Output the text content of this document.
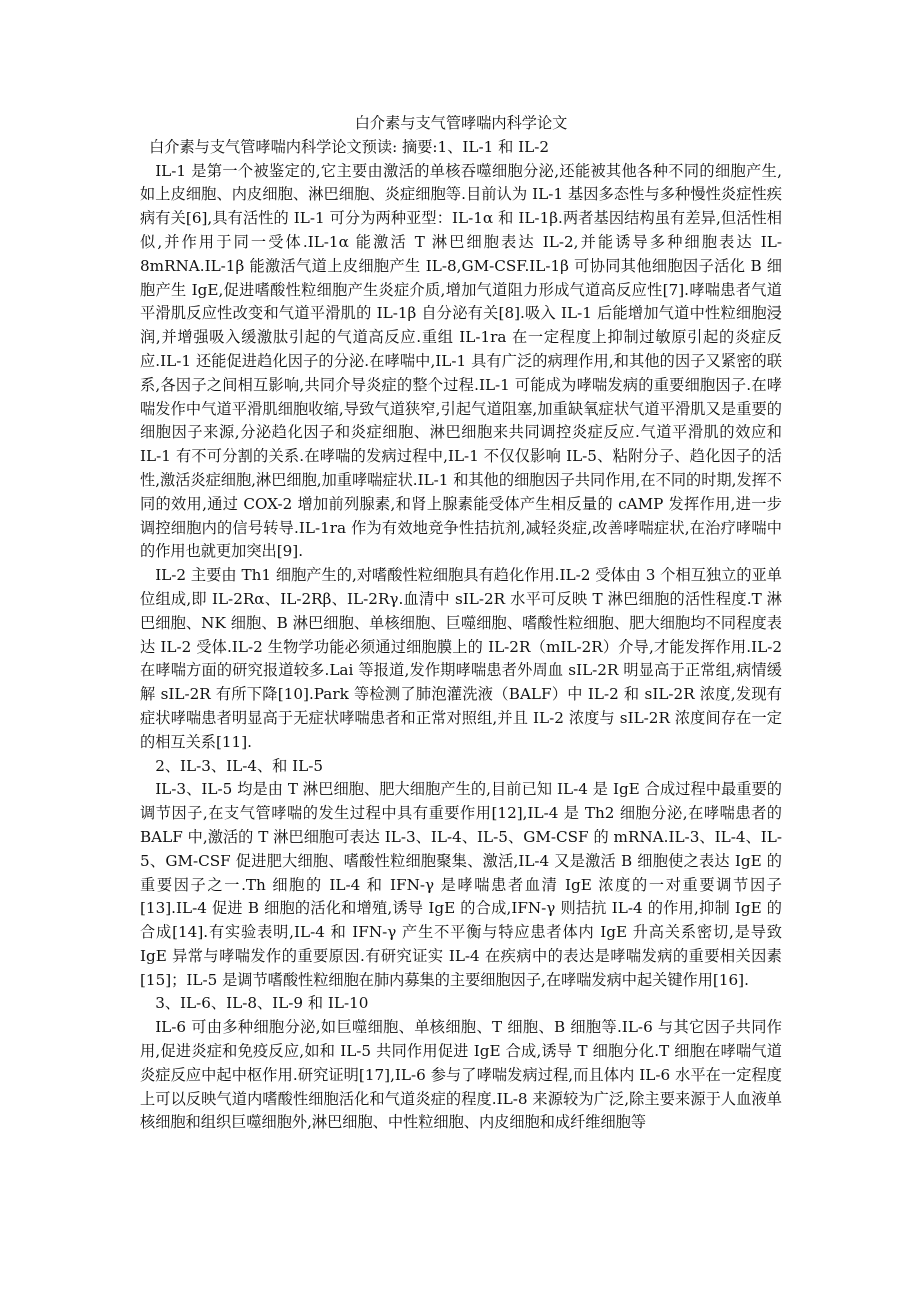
白介素与支气管哮喘内科学论文

白介素与支气管哮喘内科学论文预读: 摘要:1、IL-1 和 IL-2

IL-1 是第一个被鉴定的,它主要由激活的单核吞噬细胞分泌,还能被其他各种不同的细胞产生,如上皮细胞、内皮细胞、淋巴细胞、炎症细胞等.目前认为 IL-1 基因多态性与多种慢性炎症性疾病有关[6],具有活性的 IL-1 可分为两种亚型：IL-1α 和 IL-1β.两者基因结构虽有差异,但活性相似,并作用于同一受体.IL-1α 能激活 T 淋巴细胞表达 IL-2,并能诱导多种细胞表达 IL-8mRNA.IL-1β 能激活气道上皮细胞产生 IL-8,GM-CSF.IL-1β 可协同其他细胞因子活化 B 细胞产生 IgE,促进嗜酸性粒细胞产生炎症介质,增加气道阻力形成气道高反应性[7].哮喘患者气道平滑肌反应性改变和气道平滑肌的 IL-1β 自分泌有关[8].吸入 IL-1 后能增加气道中性粒细胞浸润,并增强吸入缓激肽引起的气道高反应.重组 IL-1ra 在一定程度上抑制过敏原引起的炎症反应.IL-1 还能促进趋化因子的分泌.在哮喘中,IL-1 具有广泛的病理作用,和其他的因子又紧密的联系,各因子之间相互影响,共同介导炎症的整个过程.IL-1 可能成为哮喘发病的重要细胞因子.在哮喘发作中气道平滑肌细胞收缩,导致气道狭窄,引起气道阻塞,加重缺氧症状气道平滑肌又是重要的细胞因子来源,分泌趋化因子和炎症细胞、淋巴细胞来共同调控炎症反应.气道平滑肌的效应和 IL-1 有不可分割的关系.在哮喘的发病过程中,IL-1 不仅仅影响 IL-5、粘附分子、趋化因子的活性,激活炎症细胞,淋巴细胞,加重哮喘症状.IL-1 和其他的细胞因子共同作用,在不同的时期,发挥不同的效用,通过 COX-2 增加前列腺素,和肾上腺素能受体产生相反量的 cAMP 发挥作用,进一步调控细胞内的信号转导.IL-1ra 作为有效地竞争性拮抗剂,减轻炎症,改善哮喘症状,在治疗哮喘中的作用也就更加突出[9].

IL-2 主要由 Th1 细胞产生的,对嗜酸性粒细胞具有趋化作用.IL-2 受体由 3 个相互独立的亚单位组成,即 IL-2Rα、IL-2Rβ、IL-2Rγ.血清中 sIL-2R 水平可反映 T 淋巴细胞的活性程度.T 淋巴细胞、NK 细胞、B 淋巴细胞、单核细胞、巨噬细胞、嗜酸性粒细胞、肥大细胞均不同程度表达 IL-2 受体.IL-2 生物学功能必须通过细胞膜上的 IL-2R（mIL-2R）介导,才能发挥作用.IL-2 在哮喘方面的研究报道较多.Lai 等报道,发作期哮喘患者外周血 sIL-2R 明显高于正常组,病情缓解 sIL-2R 有所下降[10].Park 等检测了肺泡灌洗液（BALF）中 IL-2 和 sIL-2R 浓度,发现有症状哮喘患者明显高于无症状哮喘患者和正常对照组,并且 IL-2 浓度与 sIL-2R 浓度间存在一定的相互关系[11].

2、IL-3、IL-4、和 IL-5

IL-3、IL-5 均是由 T 淋巴细胞、肥大细胞产生的,目前已知 IL-4 是 IgE 合成过程中最重要的调节因子,在支气管哮喘的发生过程中具有重要作用[12],IL-4 是 Th2 细胞分泌,在哮喘患者的 BALF 中,激活的 T 淋巴细胞可表达 IL-3、IL-4、IL-5、GM-CSF 的 mRNA.IL-3、IL-4、IL-5、GM-CSF 促进肥大细胞、嗜酸性粒细胞聚集、激活,IL-4 又是激活 B 细胞使之表达 IgE 的重要因子之一.Th 细胞的 IL-4 和 IFN-γ 是哮喘患者血清 IgE 浓度的一对重要调节因子[13].IL-4 促进 B 细胞的活化和增殖,诱导 IgE 的合成,IFN-γ 则拮抗 IL-4 的作用,抑制 IgE 的合成[14].有实验表明,IL-4 和 IFN-γ 产生不平衡与特应患者体内 IgE 升高关系密切,是导致 IgE 异常与哮喘发作的重要原因.有研究证实 IL-4 在疾病中的表达是哮喘发病的重要相关因素[15]；IL-5 是调节嗜酸性粒细胞在肺内募集的主要细胞因子,在哮喘发病中起关键作用[16].

3、IL-6、IL-8、IL-9 和 IL-10

IL-6 可由多种细胞分泌,如巨噬细胞、单核细胞、T 细胞、B 细胞等.IL-6 与其它因子共同作用,促进炎症和免疫反应,如和 IL-5 共同作用促进 IgE 合成,诱导 T 细胞分化.T 细胞在哮喘气道炎症反应中起中枢作用.研究证明[17],IL-6 参与了哮喘发病过程,而且体内 IL-6 水平在一定程度上可以反映气道内嗜酸性细胞活化和气道炎症的程度.IL-8 来源较为广泛,除主要来源于人血液单核细胞和组织巨噬细胞外,淋巴细胞、中性粒细胞、内皮细胞和成纤维细胞等
